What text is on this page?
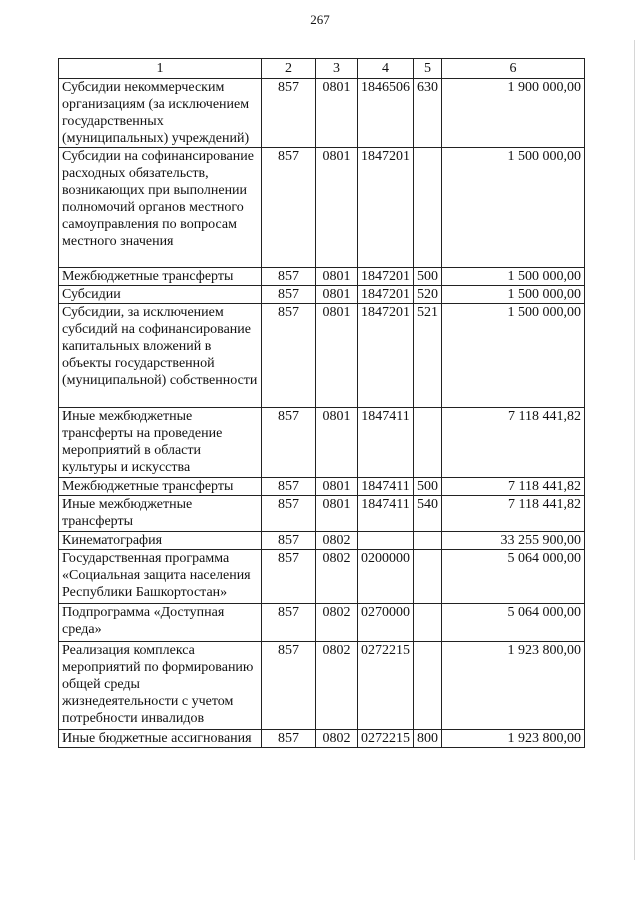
267
1	2	3	4	5	6
Субсидии некоммерческим организациям (за исключением государственных (муниципальных) учреждений)	857	0801	1846506	630	1 900 000,00
Субсидии на софинансирование расходных обязательств, возникающих при выполнении полномочий органов местного самоуправления по вопросам местного значения	857	0801	1847201		1 500 000,00
Межбюджетные трансферты	857	0801	1847201	500	1 500 000,00
Субсидии	857	0801	1847201	520	1 500 000,00
Субсидии, за исключением субсидий на софинансирование капитальных вложений в объекты государственной (муниципальной) собственности	857	0801	1847201	521	1 500 000,00
Иные межбюджетные трансферты на проведение мероприятий в области культуры и искусства	857	0801	1847411		7 118 441,82
Межбюджетные трансферты	857	0801	1847411	500	7 118 441,82
Иные межбюджетные трансферты	857	0801	1847411	540	7 118 441,82
Кинематография	857	0802			33 255 900,00
Государственная программа «Социальная защита населения Республики Башкортостан»	857	0802	0200000		5 064 000,00
Подпрограмма «Доступная среда»	857	0802	0270000		5 064 000,00
Реализация комплекса мероприятий по формированию общей среды жизнедеятельности с учетом потребности инвалидов	857	0802	0272215		1 923 800,00
Иные бюджетные ассигнования	857	0802	0272215	800	1 923 800,00
